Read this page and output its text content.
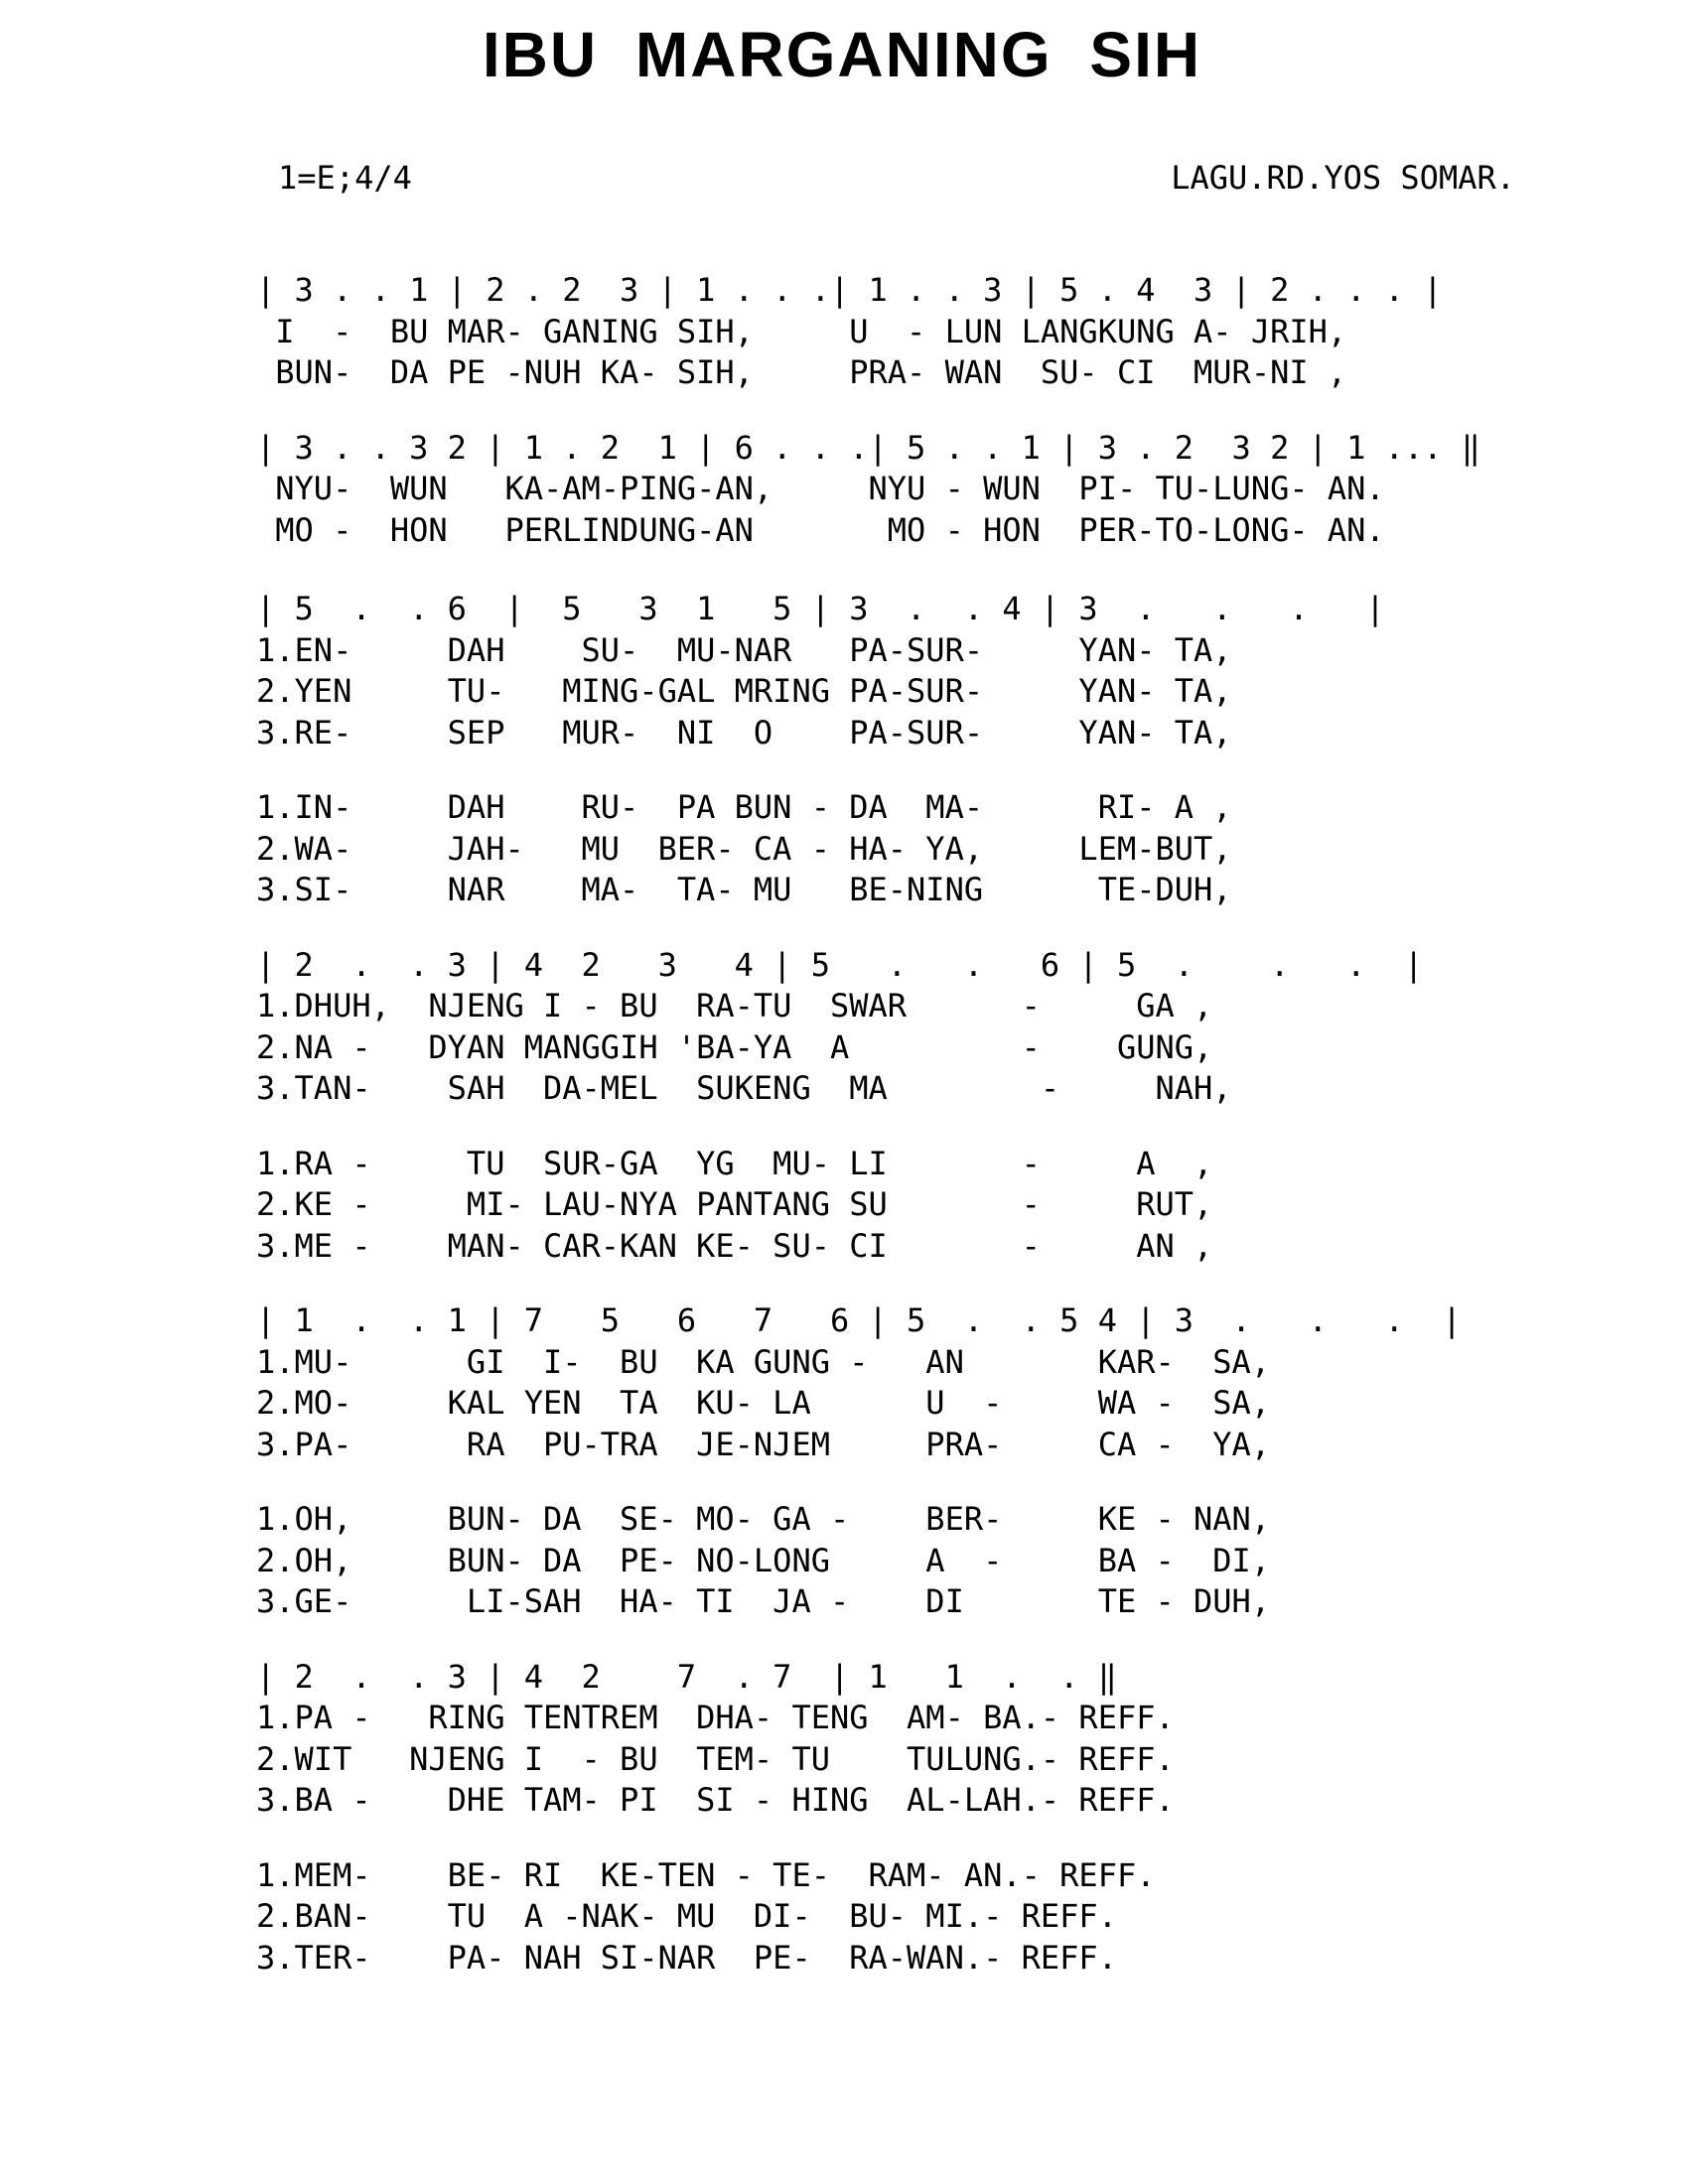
IBU MARGANING SIH
1=E;4/4	LAGU.RD.YOS SOMAR.
| 3 . . 1 | 2 . 2  3 | 1 . . .| 1 . . 3 | 5 . 4  3 | 2 . . . |
I  -  BU MAR- GANING SIH,     U  - LUN LANGKUNG A- JRIH,
BUN-  DA PE -NUH KA- SIH,     PRA- WAN  SU- CI  MUR-NI ,
| 3 . . 3 2 | 1 . 2  1 | 6 . . .| 5 . . 1 | 3 . 2  3 2 | 1 ... ‖
NYU-  WUN   KA-AM-PING-AN,     NYU - WUN  PI- TU-LUNG- AN.
MO -  HON   PERLINDUNG-AN       MO - HON  PER-TO-LONG- AN.
| 5  .  . 6  |  5   3  1   5 | 3  .  . 4 | 3  .   .   .   |
1.EN-     DAH    SU-  MU-NAR   PA-SUR-     YAN- TA,
2.YEN     TU-   MING-GAL MRING PA-SUR-     YAN- TA,
3.RE-     SEP   MUR-  NI  O    PA-SUR-     YAN- TA,
1.IN-     DAH    RU-  PA BUN - DA  MA-      RI- A ,
2.WA-     JAH-   MU  BER- CA - HA- YA,     LEM-BUT,
3.SI-     NAR    MA-  TA- MU   BE-NING      TE-DUH,
| 2  .  . 3 | 4  2   3   4 | 5   .   .   6 | 5  .    .   .  |
1.DHUH,  NJENG I - BU  RA-TU  SWAR      -     GA ,
2.NA -   DYAN MANGGIH 'BA-YA  A         -    GUNG,
3.TAN-    SAH  DA-MEL  SUKENG  MA        -     NAH,
1.RA -     TU  SUR-GA  YG  MU- LI       -     A  ,
2.KE -     MI- LAU-NYA PANTANG SU       -     RUT,
3.ME -    MAN- CAR-KAN KE- SU- CI       -     AN ,
| 1  .  . 1 | 7   5   6   7   6 | 5  .  . 5 4 | 3  .   .   .  |
1.MU-      GI  I-  BU  KA GUNG -   AN       KAR-  SA,
2.MO-     KAL YEN  TA  KU- LA      U  -     WA -  SA,
3.PA-      RA  PU-TRA  JE-NJEM     PRA-     CA -  YA,
1.OH,     BUN- DA  SE- MO- GA -    BER-     KE - NAN,
2.OH,     BUN- DA  PE- NO-LONG     A  -     BA -  DI,
3.GE-      LI-SAH  HA- TI  JA -    DI       TE - DUH,
| 2  .  . 3 | 4  2    7  . 7  | 1   1  .  . ‖
1.PA -   RING TENTREM  DHA- TENG  AM- BA.- REFF.
2.WIT   NJENG I  - BU  TEM- TU    TULUNG.- REFF.
3.BA -    DHE TAM- PI  SI - HING  AL-LAH.- REFF.
1.MEM-    BE- RI  KE-TEN - TE-  RAM- AN.- REFF.
2.BAN-    TU  A -NAK- MU  DI-  BU- MI.- REFF.
3.TER-    PA- NAH SI-NAR  PE-  RA-WAN.- REFF.
